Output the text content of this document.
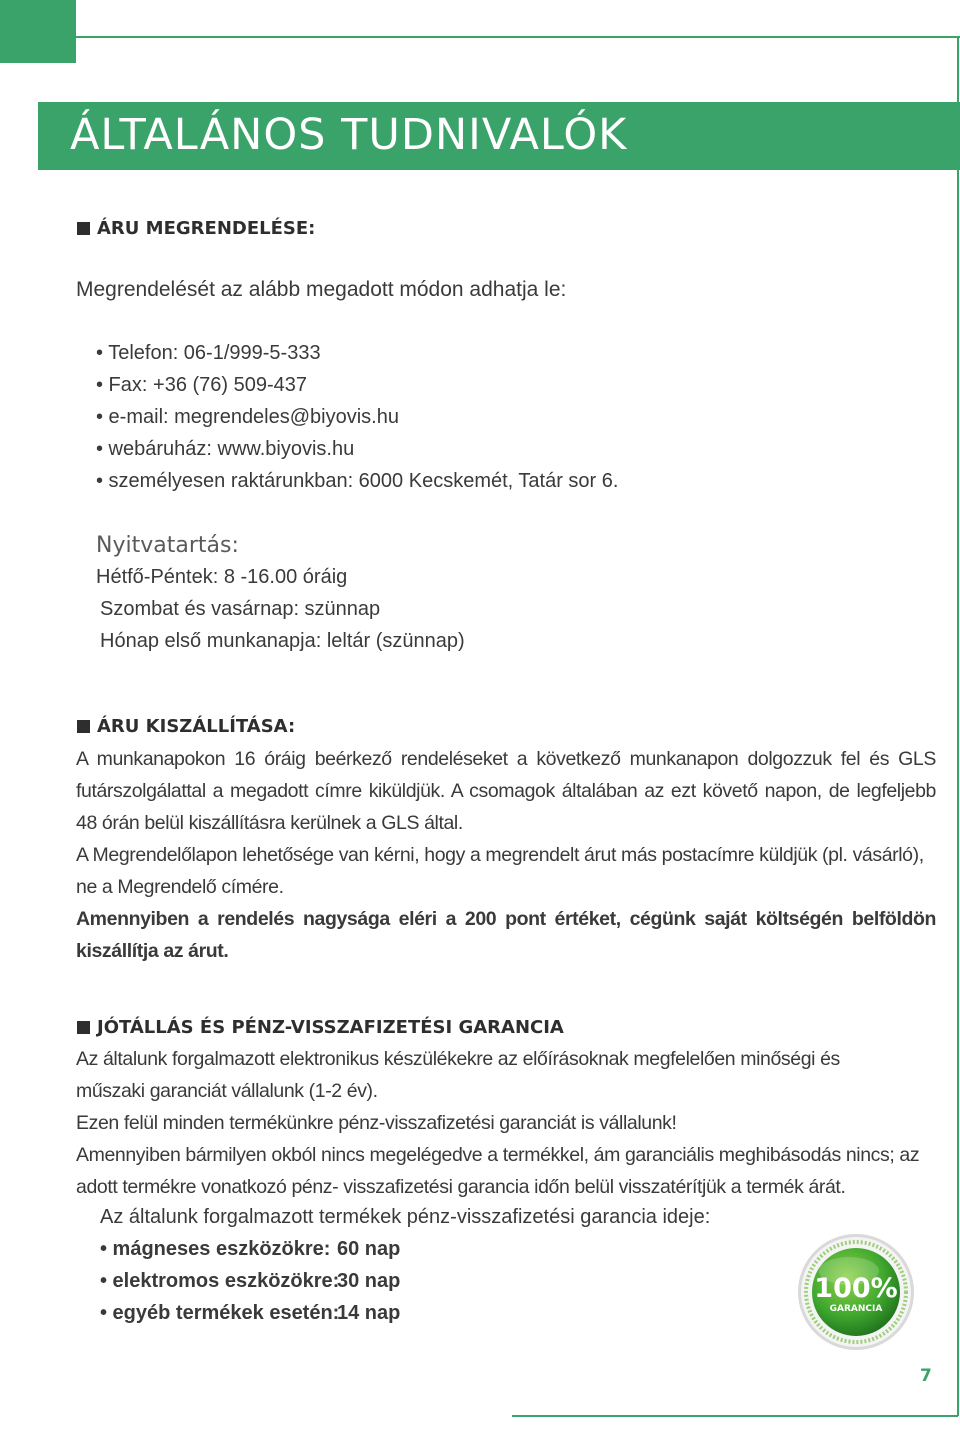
ÁLTALÁNOS TUDNIVALÓK
ÁRU MEGRENDELÉSE:
Megrendelését az alább megadott módon adhatja le:
• Telefon: 06-1/999-5-333
• Fax: +36 (76) 509-437
• e-mail: megrendeles@biyovis.hu
• webáruház: www.biyovis.hu
• személyesen raktárunkban: 6000 Kecskemét, Tatár sor 6.
Nyitvatartás:
Hétfő-Péntek: 8 -16.00 óráig
Szombat és vasárnap: szünnap
Hónap első munkanapja: leltár (szünnap)
ÁRU KISZÁLLÍTÁSA:
A munkanapokon 16 óráig beérkező rendeléseket a következő munkanapon dolgozzuk fel és GLS futárszolgálattal a megadott címre kiküldjük. A csomagok általában az ezt követő napon, de legfeljebb 48 órán belül kiszállításra kerülnek a GLS által.
A Megrendelőlapon lehetősége van kérni, hogy a megrendelt árut más postacímre küldjük (pl. vásárló), ne a Megrendelő címére.
Amennyiben a rendelés nagysága eléri a 200 pont értéket, cégünk saját költségén belföldön kiszállítja az árut.
JÓTÁLLÁS ÉS PÉNZ-VISSZAFIZETÉSI GARANCIA
Az általunk forgalmazott elektronikus készülékekre az előírásoknak megfelelően minőségi és műszaki garanciát vállalunk (1-2 év).
Ezen felül minden termékünkre pénz-visszafizetési garanciát is vállalunk!
Amennyiben bármilyen okból nincs megelégedve a termékkel, ám garanciális meghibásodás nincs; az adott termékre vonatkozó pénz- visszafizetési garancia időn belül visszatérítjük a termék árát.
Az általunk forgalmazott termékek pénz-visszafizetési garancia ideje:
• mágneses eszközökre: 60 nap
• elektromos eszközökre:
30 nap
• egyéb termékek esetén:
14 nap
100%
GARANCIA
7
